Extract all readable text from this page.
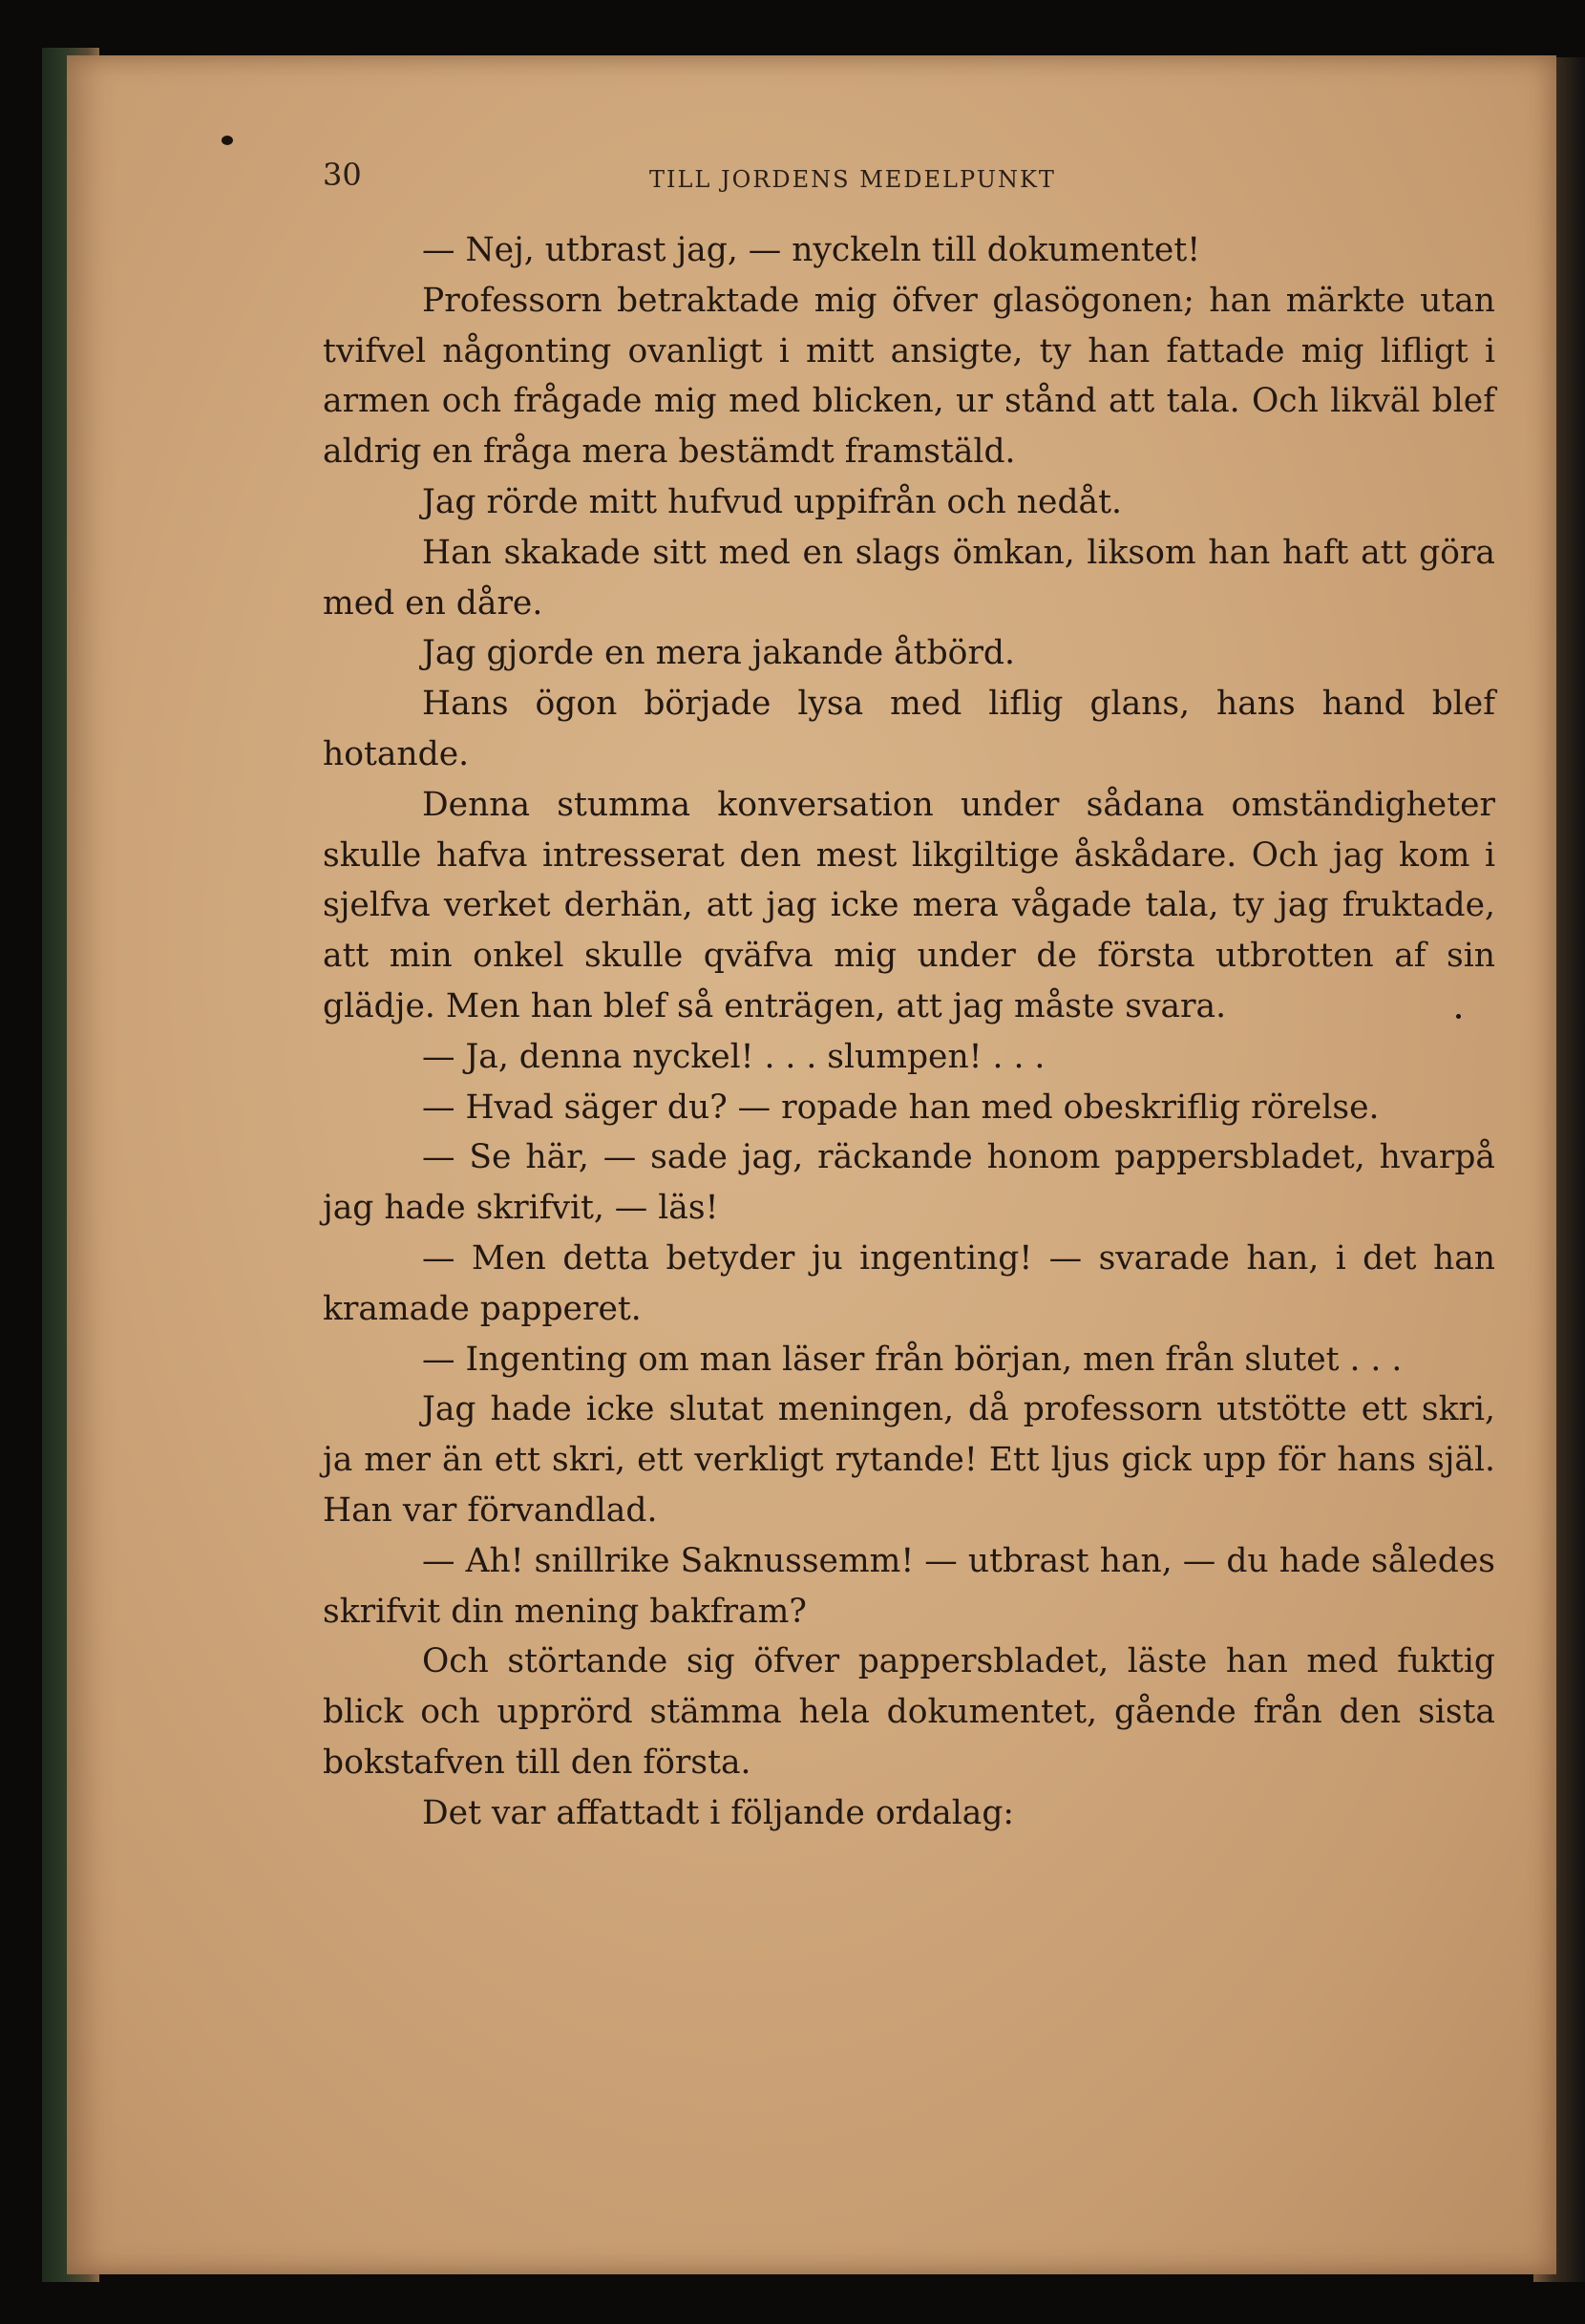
30	TILL JORDENS MEDELPUNKT

— Nej, utbrast jag, — nyckeln till dokumentet!

Professorn betraktade mig öfver glasögonen; han märkte utan tvifvel någonting ovanligt i mitt ansigte, ty han fattade mig lifligt i armen och frågade mig med blicken, ur stånd att tala. Och likväl blef aldrig en fråga mera bestämdt framstäld.

Jag rörde mitt hufvud uppifrån och nedåt.

Han skakade sitt med en slags ömkan, liksom han haft att göra med en dåre.

Jag gjorde en mera jakande åtbörd.

Hans ögon började lysa med liflig glans, hans hand blef hotande.

Denna stumma konversation under sådana omständigheter skulle hafva intresserat den mest likgiltige åskådare. Och jag kom i sjelfva verket derhän, att jag icke mera vågade tala, ty jag fruktade, att min onkel skulle qväfva mig under de första utbrotten af sin glädje. Men han blef så enträgen, att jag måste svara.

— Ja, denna nyckel! . . . slumpen! . . .

— Hvad säger du? — ropade han med obeskriflig rörelse.

— Se här, — sade jag, räckande honom pappersbladet, hvarpå jag hade skrifvit, — läs!

— Men detta betyder ju ingenting! — svarade han, i det han kramade papperet.

— Ingenting om man läser från början, men från slutet . . .

Jag hade icke slutat meningen, då professorn utstötte ett skri, ja mer än ett skri, ett verkligt rytande! Ett ljus gick upp för hans själ. Han var förvandlad.

— Ah! snillrike Saknussemm! — utbrast han, — du hade således skrifvit din mening bakfram?

Och störtande sig öfver pappersbladet, läste han med fuktig blick och upprörd stämma hela dokumentet, gående från den sista bokstafven till den första.

Det var affattadt i följande ordalag:
